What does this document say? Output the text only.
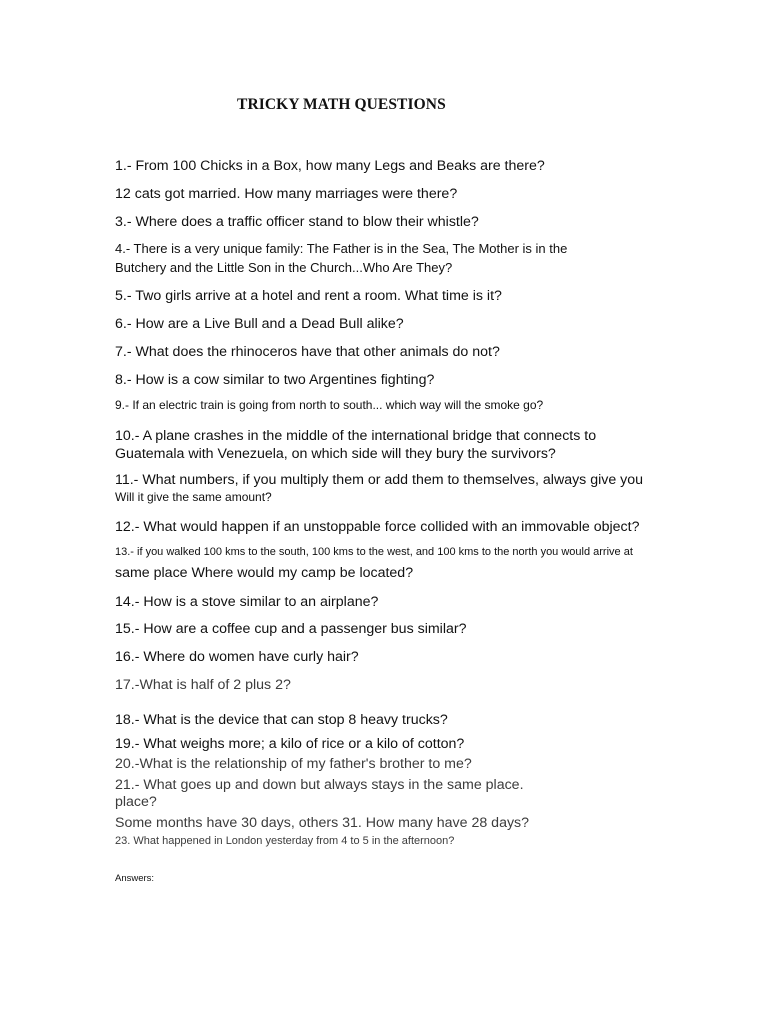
TRICKY MATH QUESTIONS
1.- From 100 Chicks in a Box, how many Legs and Beaks are there?
12 cats got married. How many marriages were there?
3.- Where does a traffic officer stand to blow their whistle?
4.- There is a very unique family: The Father is in the Sea, The Mother is in the
Butchery and the Little Son in the Church...Who Are They?
5.- Two girls arrive at a hotel and rent a room. What time is it?
6.- How are a Live Bull and a Dead Bull alike?
7.- What does the rhinoceros have that other animals do not?
8.- How is a cow similar to two Argentines fighting?
9.- If an electric train is going from north to south... which way will the smoke go?
10.- A plane crashes in the middle of the international bridge that connects to
Guatemala with Venezuela, on which side will they bury the survivors?
11.- What numbers, if you multiply them or add them to themselves, always give you
Will it give the same amount?
12.- What would happen if an unstoppable force collided with an immovable object?
13.- if you walked 100 kms to the south, 100 kms to the west, and 100 kms to the north you would arrive at
same place Where would my camp be located?
14.- How is a stove similar to an airplane?
15.- How are a coffee cup and a passenger bus similar?
16.- Where do women have curly hair?
17.-What is half of 2 plus 2?
18.- What is the device that can stop 8 heavy trucks?
19.- What weighs more; a kilo of rice or a kilo of cotton?
20.-What is the relationship of my father's brother to me?
21.- What goes up and down but always stays in the same place.
place?
Some months have 30 days, others 31. How many have 28 days?
23. What happened in London yesterday from 4 to 5 in the afternoon?
Answers:
